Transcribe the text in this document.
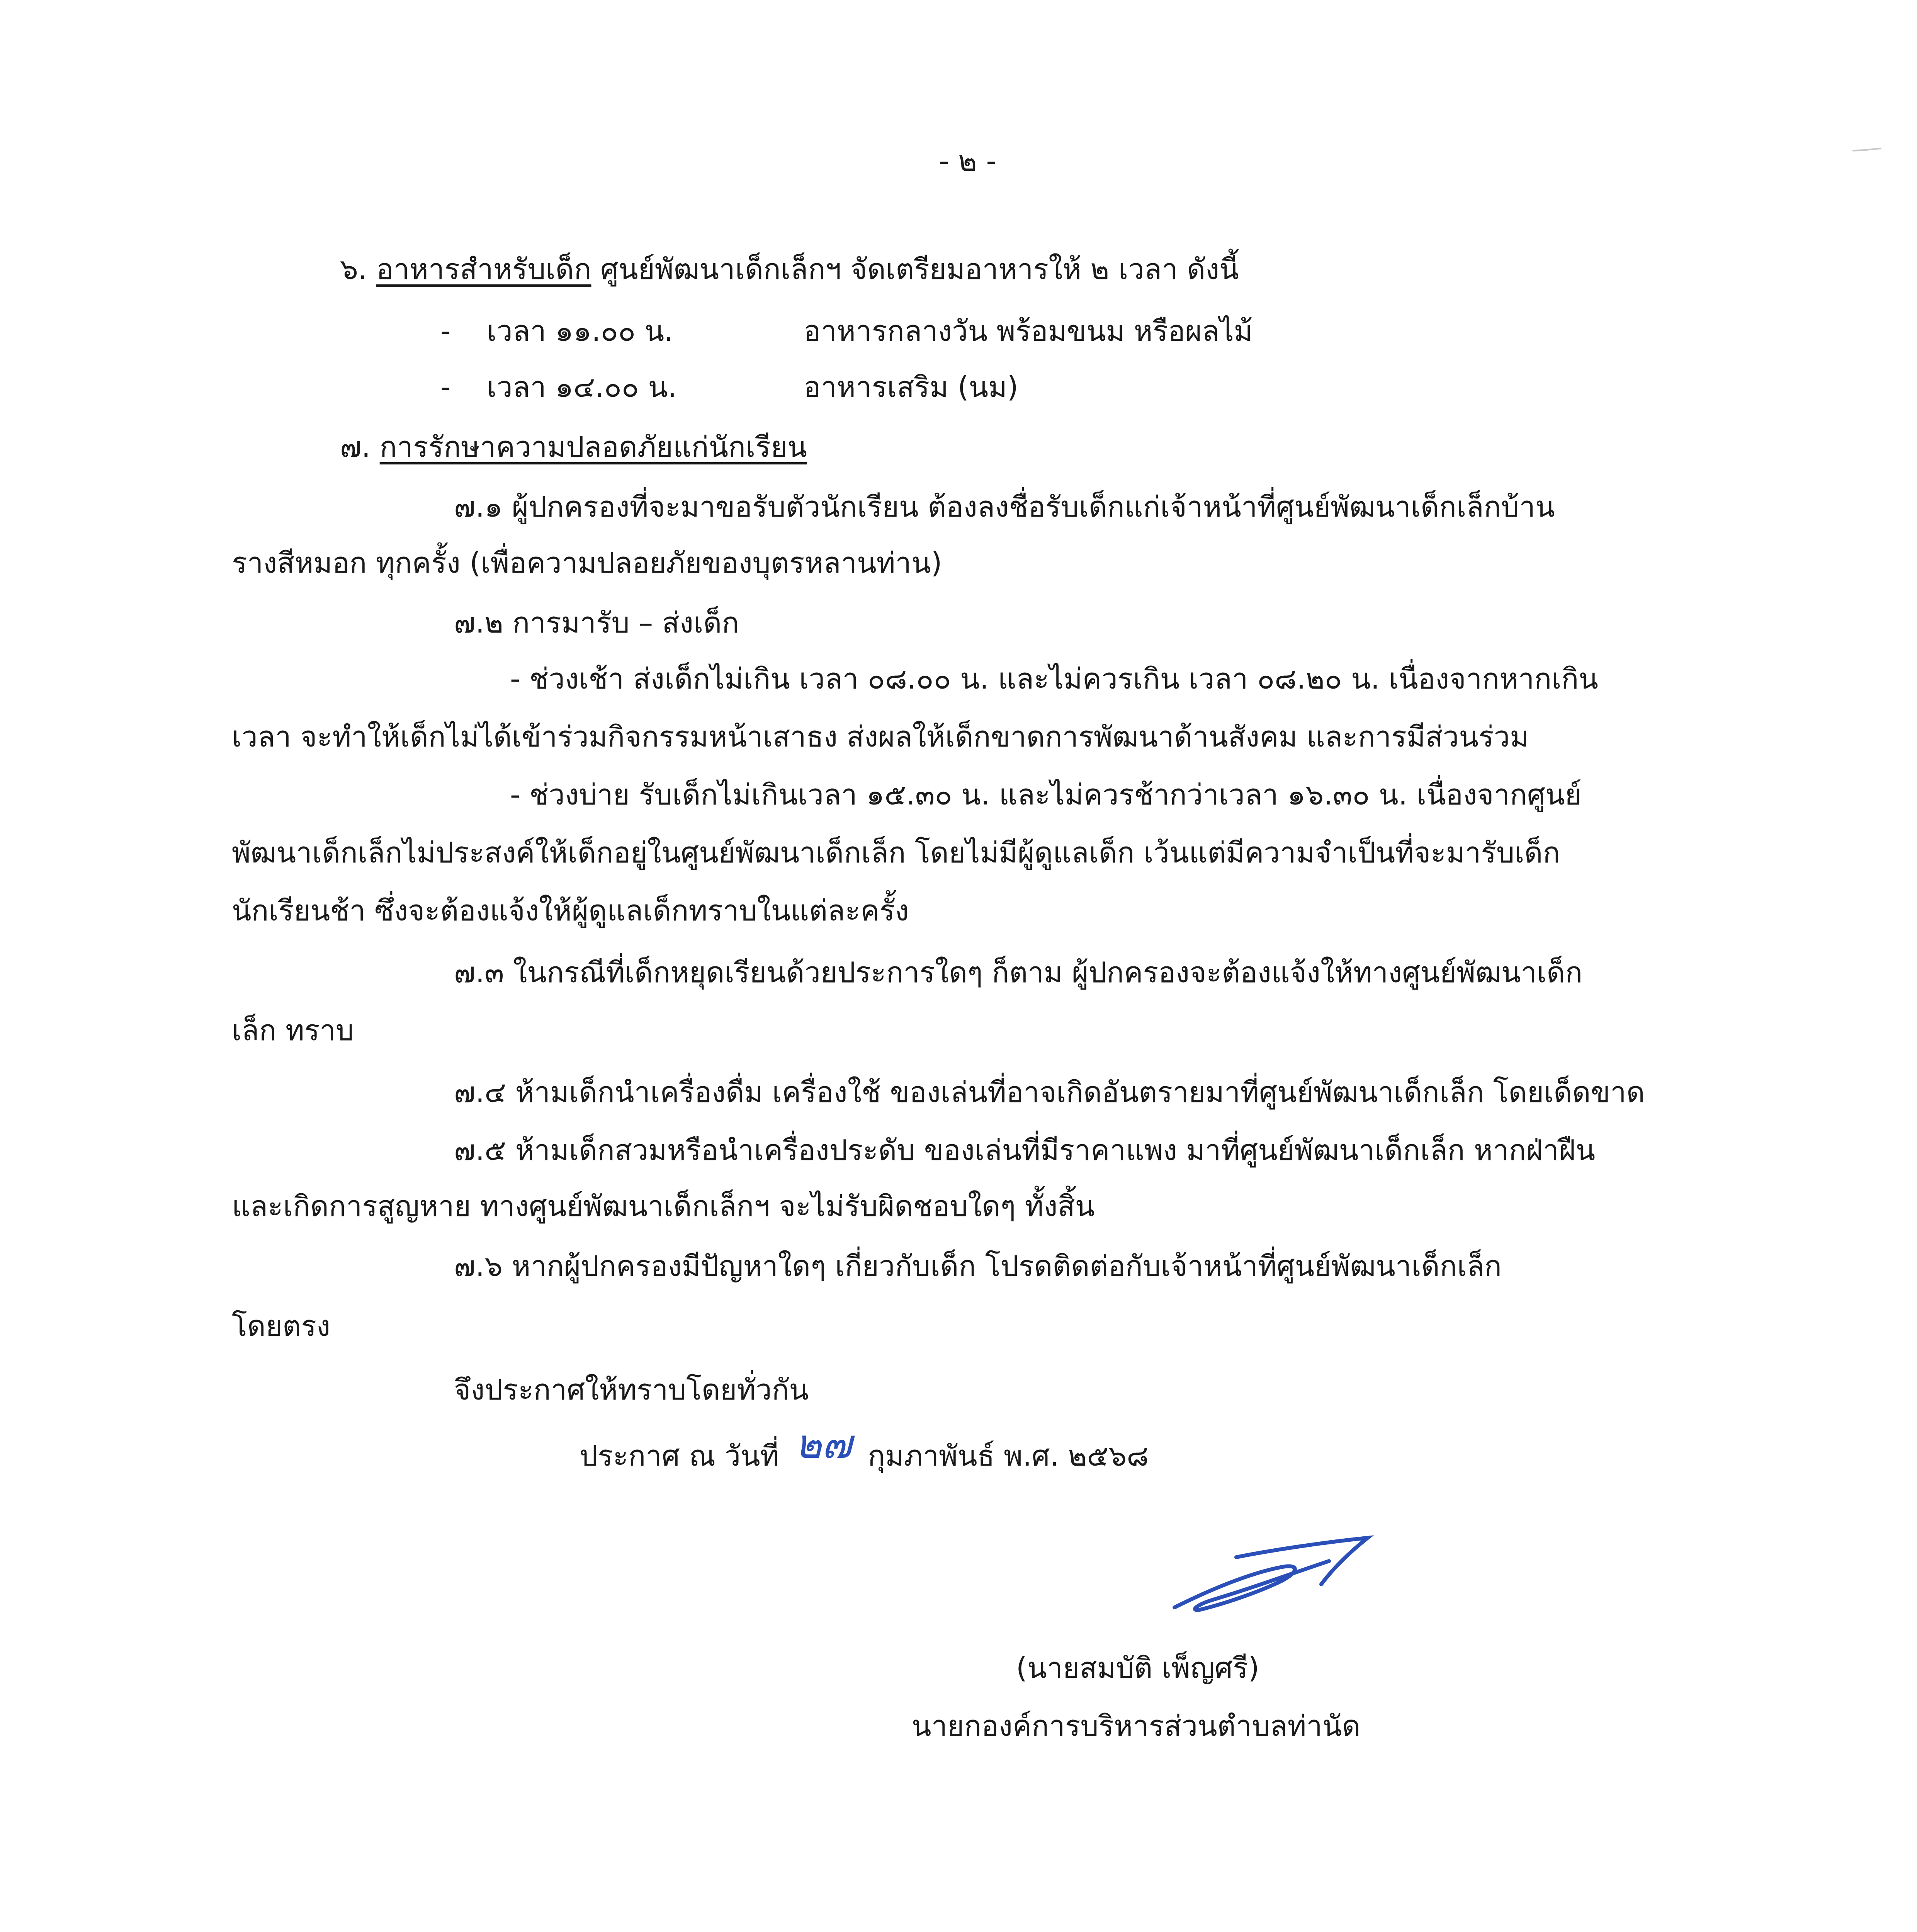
- ๒ -
๖. อาหารสำหรับเด็ก ศูนย์พัฒนาเด็กเล็กฯ จัดเตรียมอาหารให้ ๒ เวลา ดังนี้
- เวลา ๑๑.๐๐ น.	อาหารกลางวัน พร้อมขนม หรือผลไม้
- เวลา ๑๔.๐๐ น.	อาหารเสริม (นม)
๗. การรักษาความปลอดภัยแก่นักเรียน
๗.๑ ผู้ปกครองที่จะมาขอรับตัวนักเรียน ต้องลงชื่อรับเด็กแก่เจ้าหน้าที่ศูนย์พัฒนาเด็กเล็กบ้าน
รางสีหมอก ทุกครั้ง (เพื่อความปลอยภัยของบุตรหลานท่าน)
๗.๒ การมารับ – ส่งเด็ก
- ช่วงเช้า ส่งเด็กไม่เกิน เวลา ๐๘.๐๐ น. และไม่ควรเกิน เวลา ๐๘.๒๐ น. เนื่องจากหากเกิน
เวลา จะทำให้เด็กไม่ได้เข้าร่วมกิจกรรมหน้าเสาธง ส่งผลให้เด็กขาดการพัฒนาด้านสังคม และการมีส่วนร่วม
- ช่วงบ่าย รับเด็กไม่เกินเวลา ๑๕.๓๐ น. และไม่ควรช้ากว่าเวลา ๑๖.๓๐ น. เนื่องจากศูนย์
พัฒนาเด็กเล็กไม่ประสงค์ให้เด็กอยู่ในศูนย์พัฒนาเด็กเล็ก โดยไม่มีผู้ดูแลเด็ก เว้นแต่มีความจำเป็นที่จะมารับเด็ก
นักเรียนช้า ซึ่งจะต้องแจ้งให้ผู้ดูแลเด็กทราบในแต่ละครั้ง
๗.๓ ในกรณีที่เด็กหยุดเรียนด้วยประการใดๆ ก็ตาม ผู้ปกครองจะต้องแจ้งให้ทางศูนย์พัฒนาเด็ก
เล็ก ทราบ
๗.๔ ห้ามเด็กนำเครื่องดื่ม เครื่องใช้ ของเล่นที่อาจเกิดอันตรายมาที่ศูนย์พัฒนาเด็กเล็ก โดยเด็ดขาด
๗.๕ ห้ามเด็กสวมหรือนำเครื่องประดับ ของเล่นที่มีราคาแพง มาที่ศูนย์พัฒนาเด็กเล็ก หากฝ่าฝืน
และเกิดการสูญหาย ทางศูนย์พัฒนาเด็กเล็กฯ จะไม่รับผิดชอบใดๆ ทั้งสิ้น
๗.๖ หากผู้ปกครองมีปัญหาใดๆ เกี่ยวกับเด็ก โปรดติดต่อกับเจ้าหน้าที่ศูนย์พัฒนาเด็กเล็ก
โดยตรง
จึงประกาศให้ทราบโดยทั่วกัน
ประกาศ ณ วันที่ ๒๗ กุมภาพันธ์ พ.ศ. ๒๕๖๘
(นายสมบัติ เพ็ญศรี)
นายกองค์การบริหารส่วนตำบลท่านัด
